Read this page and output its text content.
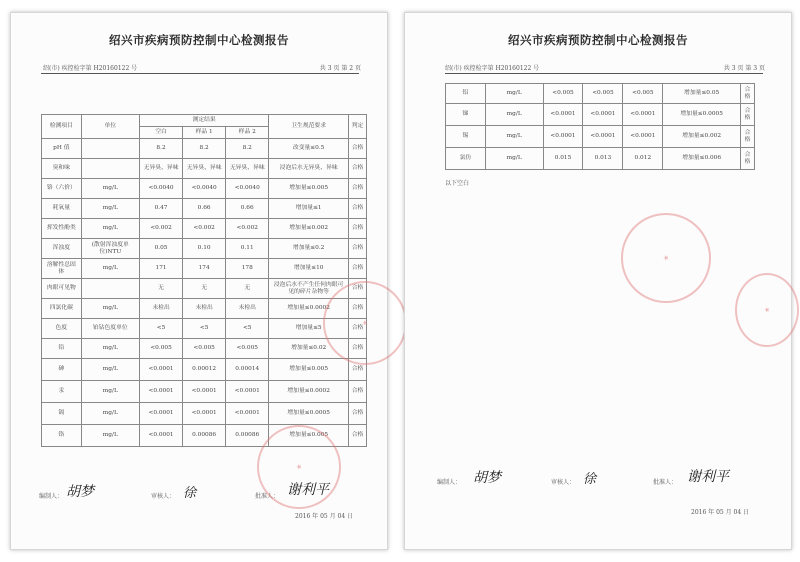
绍兴市疾病预防控制中心检测报告
绍(市) 疾控检字第 H20160122 号	共 3 页 第 2 页
检测项目	单位	测定结果			卫生规范要求	判定
		空白	样品 1	样品 2		
pH 值		8.2	8.2	8.2	改变量≤0.5	合格
臭和味		无异臭、异味	无异臭、异味	无异臭、异味	浸泡后水无异臭、异味	合格
铬（六价）	mg/L	<0.0040	<0.0040	<0.0040	增加量≤0.005	合格
耗氧量	mg/L	0.47	0.66	0.66	增加量≤1	合格
挥发性酚类	mg/L	<0.002	<0.002	<0.002	增加量≤0.002	合格
浑浊度	(散射浑浊度单位)NTU	0.05	0.10	0.11	增加量≤0.2	合格
溶解性总固体	mg/L	171	174	178	增加量≤10	合格
肉眼可见物		无	无	无	浸泡后水不产生任何肉眼可见的碎片杂物等	合格
四氯化碳	mg/L	未检出	未检出	未检出	增加量≤0.0002	合格
色度	铂钴色度单位	<5	<5	<5	增加量≤5	合格
铅	mg/L	<0.005	<0.005	<0.005	增加量≤0.02	合格
砷	mg/L	<0.0001	0.00012	0.00014	增加量≤0.005	合格
汞	mg/L	<0.0001	<0.0001	<0.0001	增加量≤0.0002	合格
镉	mg/L	<0.0001	<0.0001	<0.0001	增加量≤0.0005	合格
铬	mg/L	<0.0001	0.00086	0.00086	增加量≤0.005	合格
编制人： 胡梦	审核人： 徐	批准人： 谢利平
2016 年 05 月 04 日
★
★
绍兴市疾病预防控制中心检测报告
绍(市) 疾控检字第 H20160122 号	共 3 页 第 3 页
铝	mg/L	<0.005	<0.005	<0.005	增加量≤0.05	合格
锑	mg/L	<0.0001	<0.0001	<0.0001	增加量≤0.0005	合格
锡	mg/L	<0.0001	<0.0001	<0.0001	增加量≤0.002	合格
氯仿	mg/L	0.015	0.013	0.012	增加量≤0.006	合格
以下空白
编制人： 胡梦	审核人： 徐	批准人： 谢利平
2016 年 05 月 04 日
★
★
